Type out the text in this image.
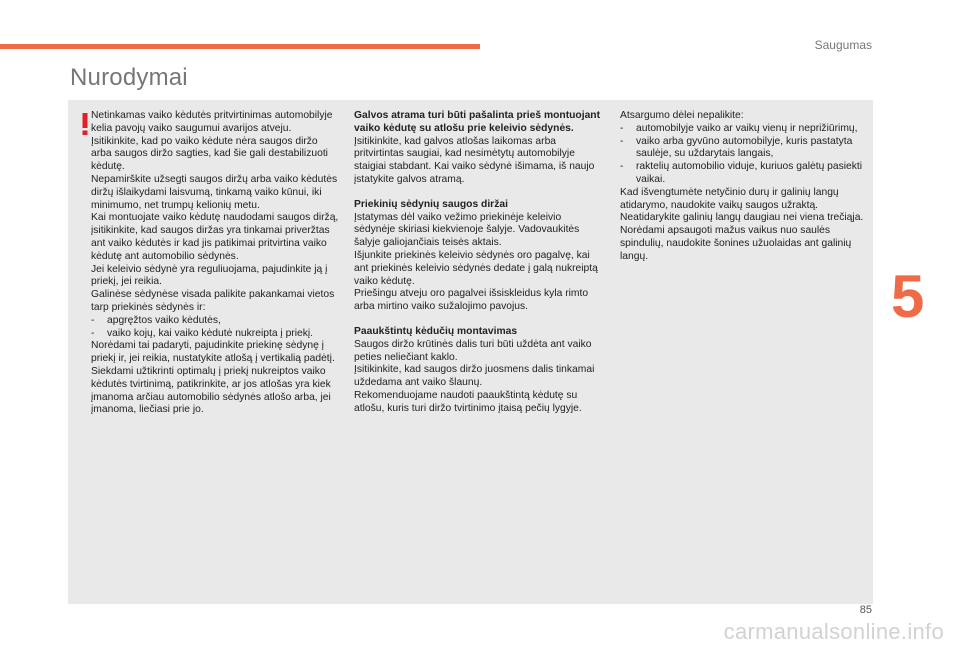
Saugumas
Nurodymai

Netinkamas vaiko kėdutės pritvirtinimas automobilyje kelia pavojų vaiko saugumui avarijos atveju.

Įsitikinkite, kad po vaiko kėdute nėra saugos diržo arba saugos diržo sagties, kad šie gali destabilizuoti kėdutę.

Nepamirškite užsegti saugos diržų arba vaiko kėdutės diržų išlaikydami laisvumą, tinkamą vaiko kūnui, iki minimumo, net trumpų kelionių metu.

Kai montuojate vaiko kėdutę naudodami saugos diržą, įsitikinkite, kad saugos diržas yra tinkamai priveržtas ant vaiko kėdutės ir kad jis patikimai pritvirtina vaiko kėdutę ant automobilio sėdynės.

Jei keleivio sėdynė yra reguliuojama, pajudinkite ją į priekį, jei reikia.

Galinėse sėdynėse visada palikite pakankamai vietos tarp priekinės sėdynės ir:

- apgręžtos vaiko kėdutės,
- vaiko kojų, kai vaiko kėdutė nukreipta į priekį.

Norėdami tai padaryti, pajudinkite priekinę sėdynę į priekį ir, jei reikia, nustatykite atlošą į vertikalią padėtį.

Siekdami užtikrinti optimalų į priekį nukreiptos vaiko kėdutės tvirtinimą, patikrinkite, ar jos atlošas yra kiek įmanoma arčiau automobilio sėdynės atlošo arba, jei įmanoma, liečiasi prie jo.

Galvos atrama turi būti pašalinta prieš montuojant vaiko kėdutę su atlošu prie keleivio sėdynės.

Įsitikinkite, kad galvos atlošas laikomas arba pritvirtintas saugiai, kad nesimėtytų automobilyje staigiai stabdant. Kai vaiko sėdynė išimama, iš naujo įstatykite galvos atramą.

Priekinių sėdynių saugos diržai

Įstatymas dėl vaiko vežimo priekinėje keleivio sėdynėje skiriasi kiekvienoje šalyje. Vadovaukitės šalyje galiojančiais teisės aktais.

Išjunkite priekinės keleivio sėdynės oro pagalvę, kai ant priekinės keleivio sėdynės dedate į galą nukreiptą vaiko kėdutę.

Priešingu atveju oro pagalvei išsiskleidus kyla rimto arba mirtino vaiko sužalojimo pavojus.

Paaukštintų kėdučių montavimas

Saugos diržo krūtinės dalis turi būti uždėta ant vaiko peties neliečiant kaklo.

Įsitikinkite, kad saugos diržo juosmens dalis tinkamai uždedama ant vaiko šlaunų.

Rekomenduojame naudoti paaukštintą kėdutę su atlošu, kuris turi diržo tvirtinimo įtaisą pečių lygyje.

Atsargumo dėlei nepalikite:

- automobilyje vaiko ar vaikų vienų ir neprižiūrimų,
- vaiko arba gyvūno automobilyje, kuris pastatyta saulėje, su uždarytais langais,
- raktelių automobilio viduje, kuriuos galėtų pasiekti vaikai.

Kad išvengtumėte netyčinio durų ir galinių langų atidarymo, naudokite vaikų saugos užraktą.

Neatidarykite galinių langų daugiau nei viena trečiąja.

Norėdami apsaugoti mažus vaikus nuo saulės spindulių, naudokite šonines užuolaidas ant galinių langų.

5
85
carmanualsonline.info
